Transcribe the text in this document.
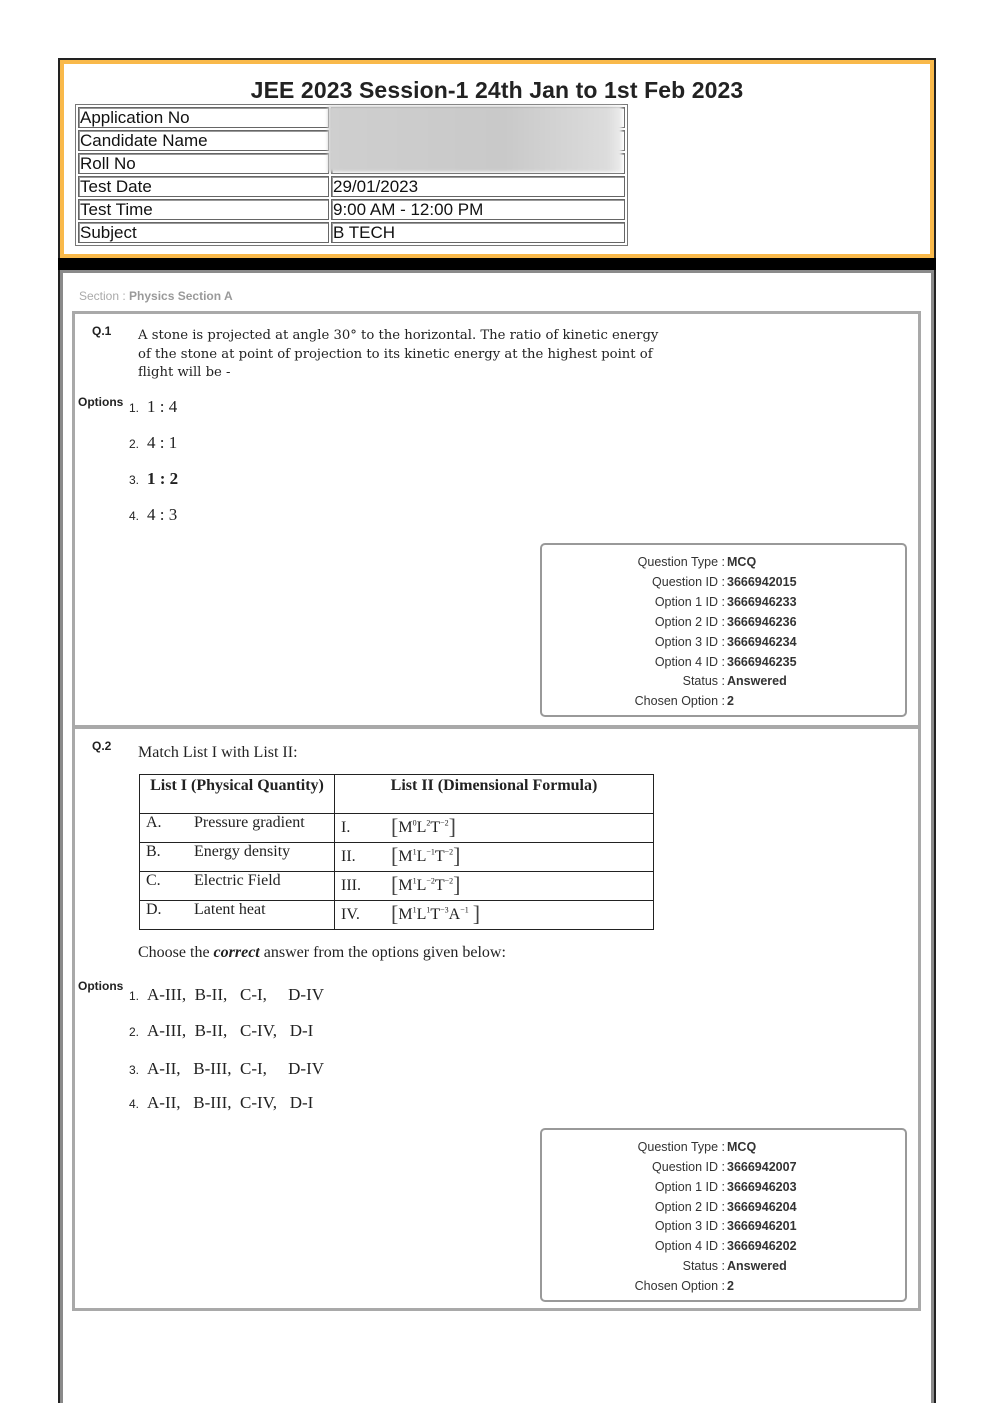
JEE 2023 Session-1 24th Jan to 1st Feb 2023
Application No	
Candidate Name	
Roll No	
Test Date	29/01/2023
Test Time	9:00 AM - 12:00 PM
Subject	B TECH
Section : Physics Section A
Q.1 A stone is projected at angle 30° to the horizontal. The ratio of kinetic energy
of the stone at point of projection to its kinetic energy at the highest point of
flight will be -
Options 1. 1 : 4
2. 4 : 1
3. 1 : 2
4. 4 : 3
Question Type : MCQ
Question ID : 3666942015
Option 1 ID : 3666946233
Option 2 ID : 3666946236
Option 3 ID : 3666946234
Option 4 ID : 3666946235
Status : Answered
Chosen Option : 2
Q.2 Match List I with List II:
List I (Physical Quantity)	List II (Dimensional Formula)
A. Pressure gradient	I. $[M^0L^2T^{-2}]$
B. Energy density	II. $[M^1L^{-1}T^{-2}]$
C. Electric Field	III. $[M^1L^{-2}T^{-2}]$
D. Latent heat	IV. [$M^1L^1T^{-3}A^{-1}$ ]
Choose the correct answer from the options given below:
Options
1. A-III,  B-II,   C-I,     D-IV
2. A-III,  B-II,   C-IV,   D-I
3. A-II,   B-III,  C-I,     D-IV
4. A-II,   B-III,  C-IV,   D-I
Question Type : MCQ
Question ID : 3666942007
Option 1 ID : 3666946203
Option 2 ID : 3666946204
Option 3 ID : 3666946201
Option 4 ID : 3666946202
Status : Answered
Chosen Option : 2
